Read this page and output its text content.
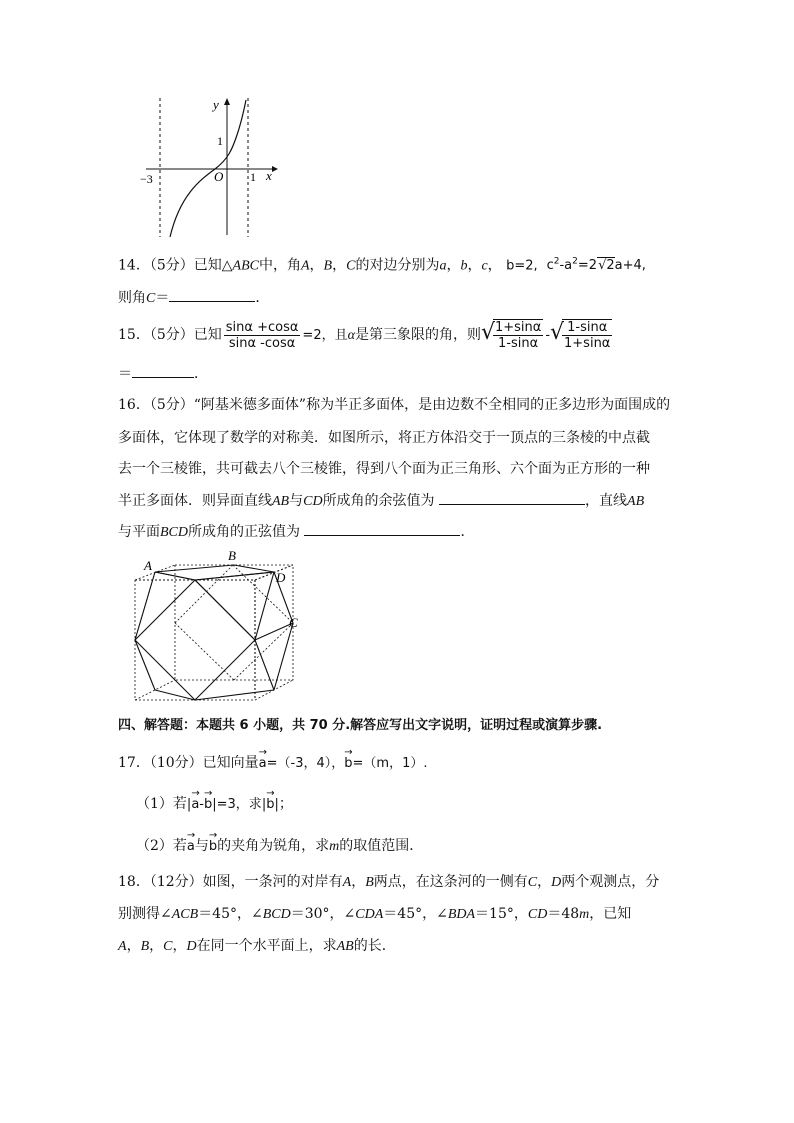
y
x
1
−3	O 1
14．（5分）已知△ABC中，角A，B，C的对边分别为a，b，c， b=2, $c^2-a^2=2√2a+4$,
则角C＝	．
15．（5分）已知 $\frac{\sin\alpha +\cos\alpha}{\sin\alpha -\cos\alpha} =2$，且α是第三象限的角，则 √
$\frac{1+\sin\alpha}{1-\sin\alpha}$ - √
$\frac{1-\sin\alpha}{1+\sin\alpha}$
＝	．
16．（5分）“阿基米德多面体”称为半正多面体，是由边数不全相同的正多边形为面围成的
多面体，它体现了数学的对称美．如图所示，将正方体沿交于一顶点的三条棱的中点截
去一个三棱锥，共可截去八个三棱锥，得到八个面为正三角形、六个面为正方形的一种
半正多面体．则异面直线AB与CD所成角的余弦值为	，直线AB
与平面BCD所成角的正弦值为	．
A
B
D
C
四、解答题：本题共 6 小题，共 70 分.解答应写出文字说明，证明过程或演算步骤.
17．（10分）已知向量→ a=（-3，4），→ b=（m，1）.
（1）若|→ a-→ b|=3，求|→ b|；
（2）若→ a与→ b的夹角为锐角，求m的取值范围．
18．（12分）如图，一条河的对岸有A，B两点，在这条河的一侧有C，D两个观测点，分
别测得∠ACB＝45°，∠BCD＝30°，∠CDA＝45°，∠BDA＝15°，CD＝48m，已知
A，B，C，D在同一个水平面上，求AB的长．
